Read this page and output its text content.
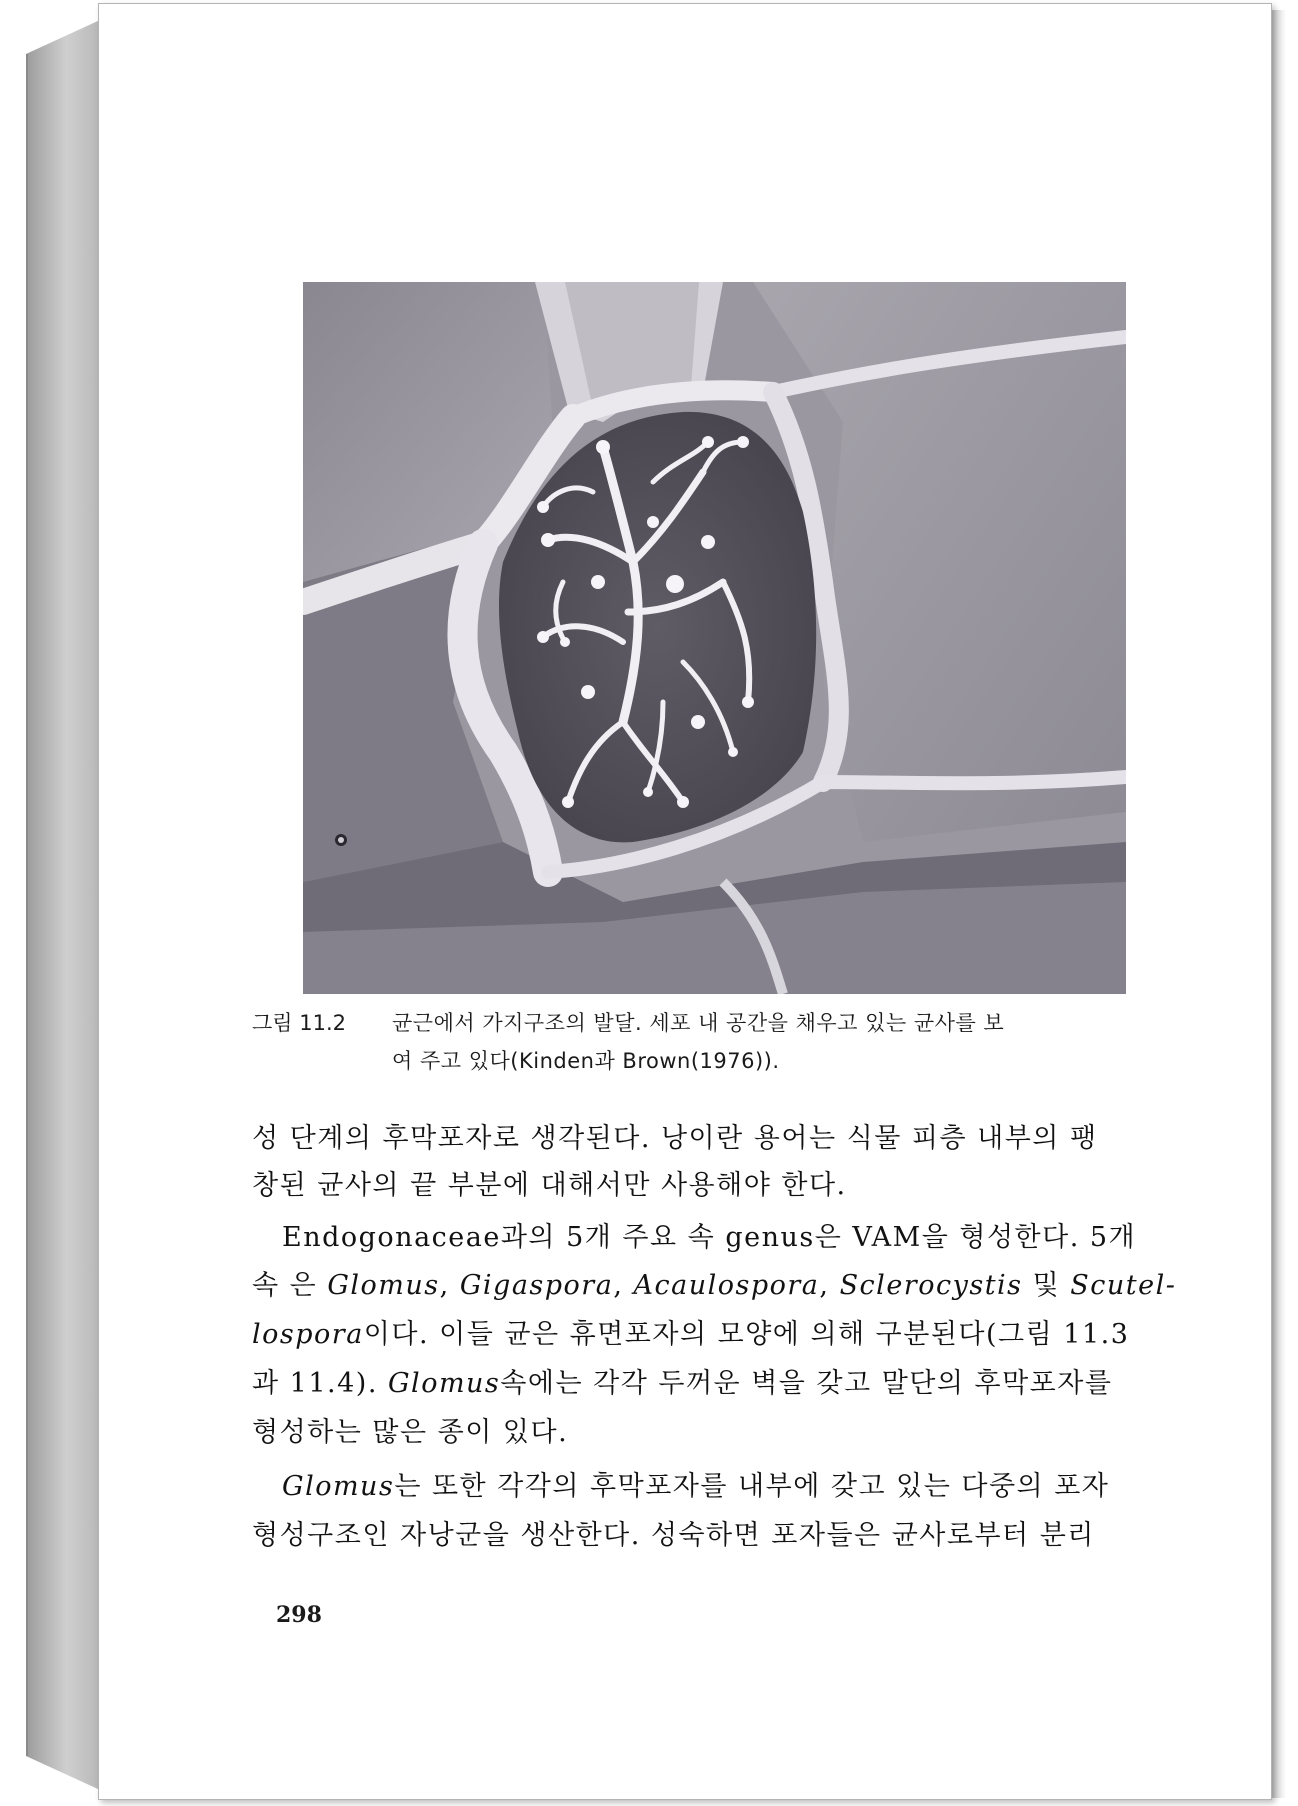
그림 11.2 균근에서 가지구조의 발달. 세포 내 공간을 채우고 있는 균사를 보
여 주고 있다(Kinden과 Brown(1976)).
성 단계의 후막포자로 생각된다. 낭이란 용어는 식물 피층 내부의 팽
창된 균사의 끝 부분에 대해서만 사용해야 한다.
Endogonaceae과의 5개 주요 속 genus은 VAM을 형성한다. 5개
속 은 Glomus, Gigaspora, Acaulospora, Sclerocystis 및 Scutel-
lospora이다. 이들 균은 휴면포자의 모양에 의해 구분된다(그림 11.3
과 11.4). Glomus속에는 각각 두꺼운 벽을 갖고 말단의 후막포자를
형성하는 많은 종이 있다.
Glomus는 또한 각각의 후막포자를 내부에 갖고 있는 다중의 포자
형성구조인 자낭군을 생산한다. 성숙하면 포자들은 균사로부터 분리
298
